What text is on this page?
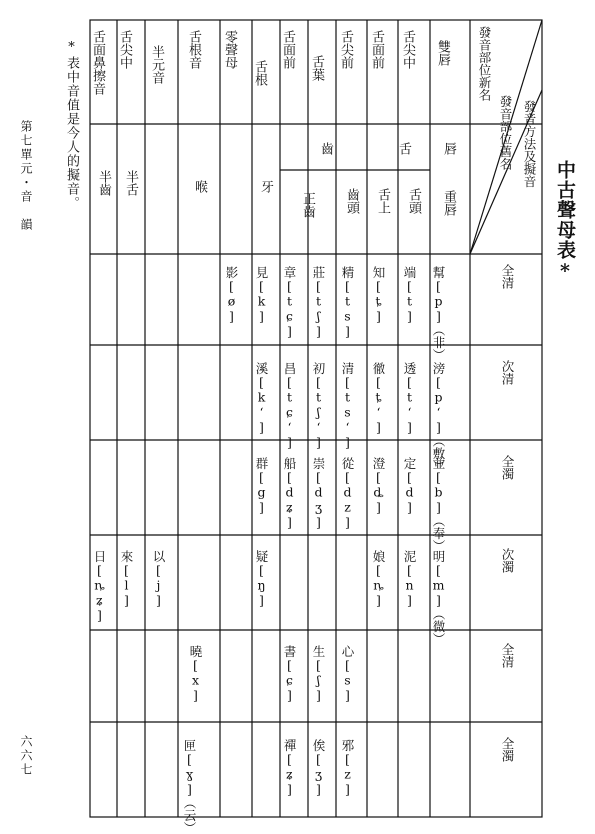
中古聲母表*
*表中音值是今人的擬音。
第七單元・音　韻
六六七
發音部位新名
發音部位舊名 發音方法及擬音
雙唇
舌尖中
舌面前
舌尖前
舌葉
舌面前
舌根
零聲母
舌根音
半元音
舌尖中
舌面鼻擦音
唇
舌
齒
牙
喉
半舌
半齒
重唇
舌頭
舌上
齒頭
正齒
全清
次清
全濁
次濁
全清
全濁
幫[p]（非）
端[t]
知[ȶ]
精[ts]
莊[tʃ]
章[tɕ]
見[k]
影[ø]
滂[pʻ]（敷）
透[tʻ]
徹[ȶʻ]
清[tsʻ]
初[tʃʻ]
昌[tɕʻ]
溪[kʻ]
並[b]（奉）
定[d]
澄[ȡ]
從[dz]
崇[dʒ]
船[dʑ]
群[g]
明[m]（微）
泥[n]
娘[ȵ]
疑[ŋ]
以[j]
來[l]
日[ȵʑ]
心[s]
生[ʃ]
書[ɕ]
曉[x]
邪[z]
俟[ʒ]
禪[ʑ]
匣[ɣ]（云）
